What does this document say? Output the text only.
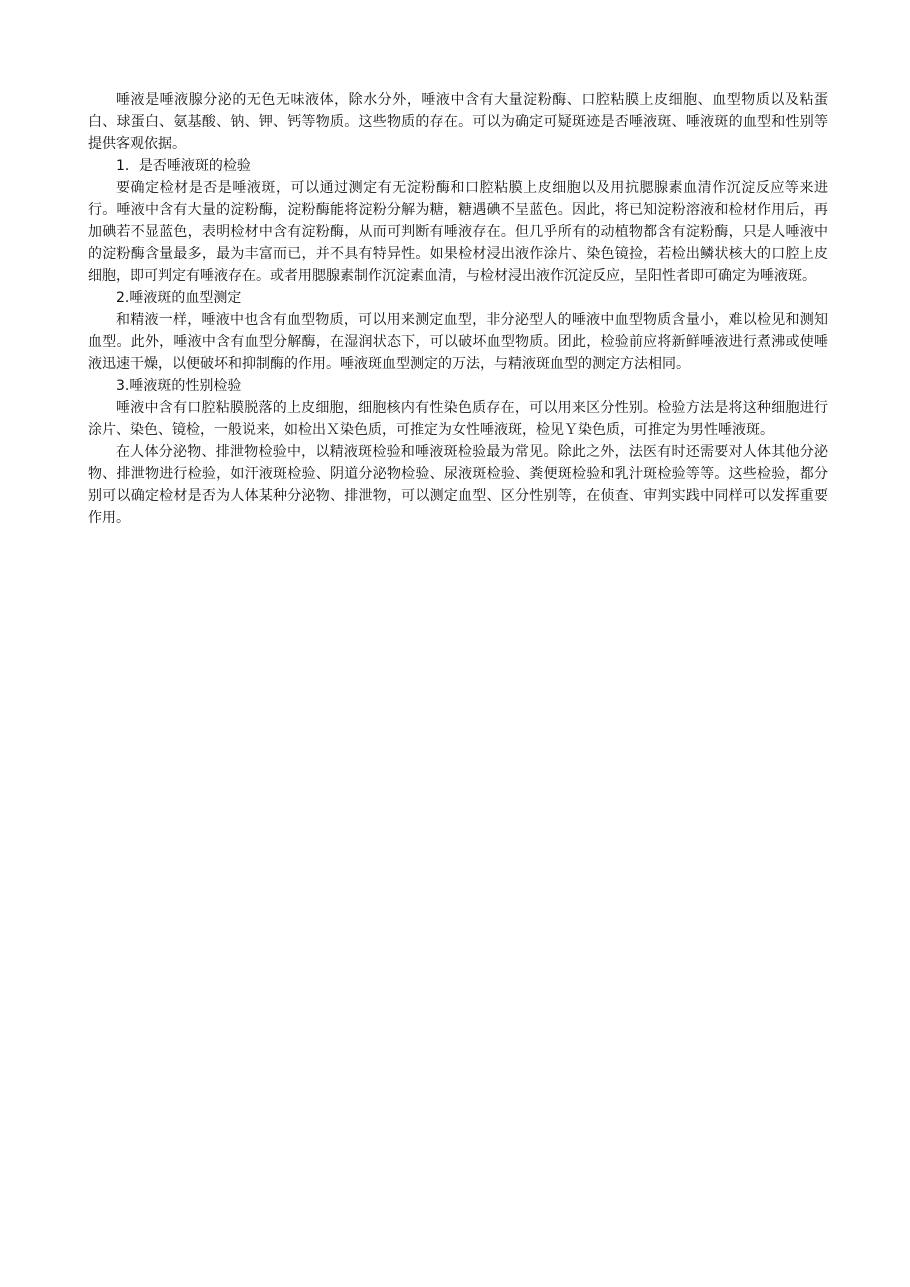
唾液是唾液腺分泌的无色无味液体，除水分外，唾液中含有大量淀粉酶、口腔粘膜上皮细胞、血型物质以及粘蛋白、球蛋白、氨基酸、钠、钾、钙等物质。这些物质的存在。可以为确定可疑斑迹是否唾液斑、唾液斑的血型和性别等提供客观依据。

1．是否唾液斑的检验

要确定检材是否是唾液斑，可以通过测定有无淀粉酶和口腔粘膜上皮细胞以及用抗腮腺素血清作沉淀反应等来进行。唾液中含有大量的淀粉酶，淀粉酶能将淀粉分解为糖，糖遇碘不呈蓝色。因此，将已知淀粉溶液和检材作用后，再加碘若不显蓝色，表明检材中含有淀粉酶，从而可判断有唾液存在。但几乎所有的动植物都含有淀粉酶，只是人唾液中的淀粉酶含量最多，最为丰富而已，并不具有特异性。如果检材浸出液作涂片、染色镜捡，若检出鳞状核大的口腔上皮细胞，即可判定有唾液存在。或者用腮腺素制作沉淀素血清，与检材浸出液作沉淀反应，呈阳性者即可确定为唾液斑。

2.唾液斑的血型测定

和精液一样，唾液中也含有血型物质，可以用来测定血型，非分泌型人的唾液中血型物质含量小，难以检见和测知血型。此外，唾液中含有血型分解酶，在湿润状态下，可以破坏血型物质。团此，检验前应将新鲜唾液进行煮沸或使唾液迅速干燥，以便破坏和抑制酶的作用。唾液斑血型测定的万法，与精液斑血型的测定方法相同。

3.唾液斑的性别检验

唾液中含有口腔粘膜脱落的上皮细胞，细胞核内有性染色质存在，可以用来区分性别。检验方法是将这种细胞进行涂片、染色、镜检，一般说来，如检出Ｘ染色质，可推定为女性唾液斑，检见Ｙ染色质，可推定为男性唾液斑。

在人体分泌物、排泄物检验中，以精液斑检验和唾液斑检验最为常见。除此之外，法医有时还需要对人体其他分泌物、排泄物进行检验，如汗液斑检验、阴道分泌物检验、尿液斑检验、粪便斑检验和乳汁斑检验等等。这些检验，都分别可以确定检材是否为人体某种分泌物、排泄物，可以测定血型、区分性别等，在侦查、审判实践中同样可以发挥重要作用。
